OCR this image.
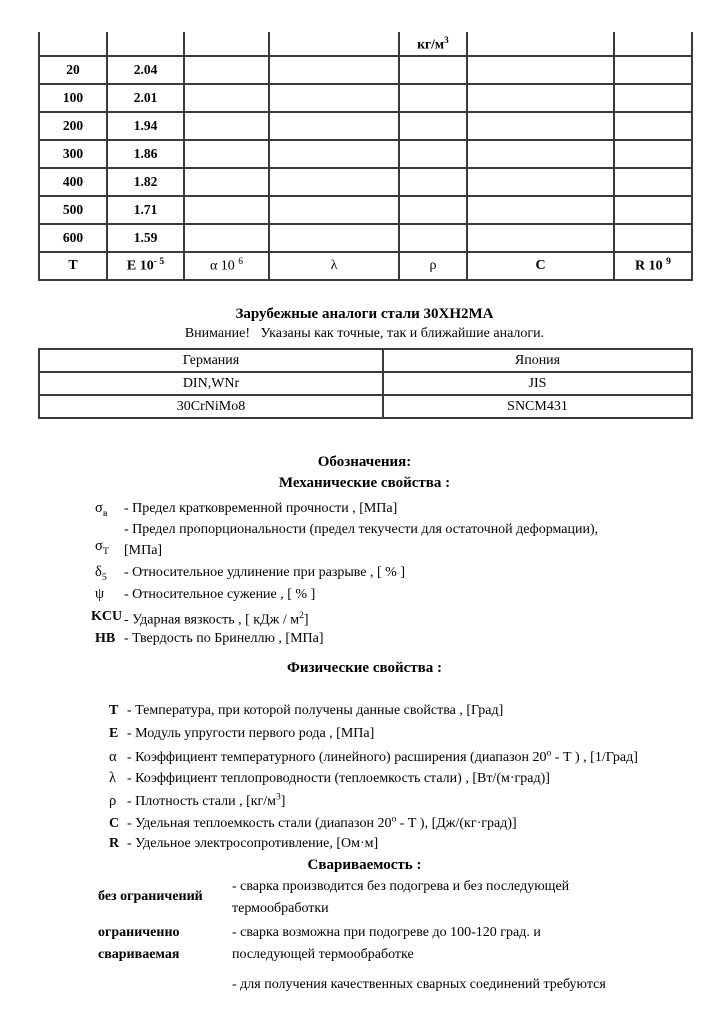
				$кг/м^3$		
20	2.04					
100	2.01					
200	1.94					
300	1.86					
400	1.82					
500	1.71					
600	1.59					
T	E $10^{- 5}$	α 10 $^6$	λ	ρ	C	R 10 $^9$
Зарубежные аналоги стали 30ХН2МА
Внимание!   Указаны как точные, так и ближайшие аналоги.
Германия	Япония
DIN,WNr	JIS
30CrNiMo8	SNCM431
Обозначения:
Механические свойства :
$\sigma_в$ - Предел кратковременной прочности , [МПа]
$\sigma_Т$
- Предел пропорциональности (предел текучести для остаточной деформации),
[МПа]
$\delta_5$ - Относительное удлинение при разрыве , [ % ]
ψ - Относительное сужение , [ % ]
KCU - Ударная вязкость , [ кДж / $м^2$]
HB - Твердость по Бринеллю , [МПа]
Физические свойства :

T - Температура, при которой получены данные свойства , [Град]

E - Модуль упругости первого рода , [МПа]

α - Коэффициент температурного (линейного) расширения (диапазон $20^о$ - Т ) , [1/Град]

λ - Коэффициент теплопроводности (теплоемкость стали) , [Вт/(м·град)]

ρ - Плотность стали , $[кг/м^3]$

C - Удельная теплоемкость стали (диапазон $20^о$ - Т ), [Дж/(кг·град)]

R - Удельное электросопротивление, [Ом·м]

Свариваемость :
без ограничений
- сварка производится без подогрева и без последующей
термообработки
ограниченно
свариваемая
- сварка возможна при подогреве до 100-120 град. и
последующей термообработке
- для получения качественных сварных соединений требуются
